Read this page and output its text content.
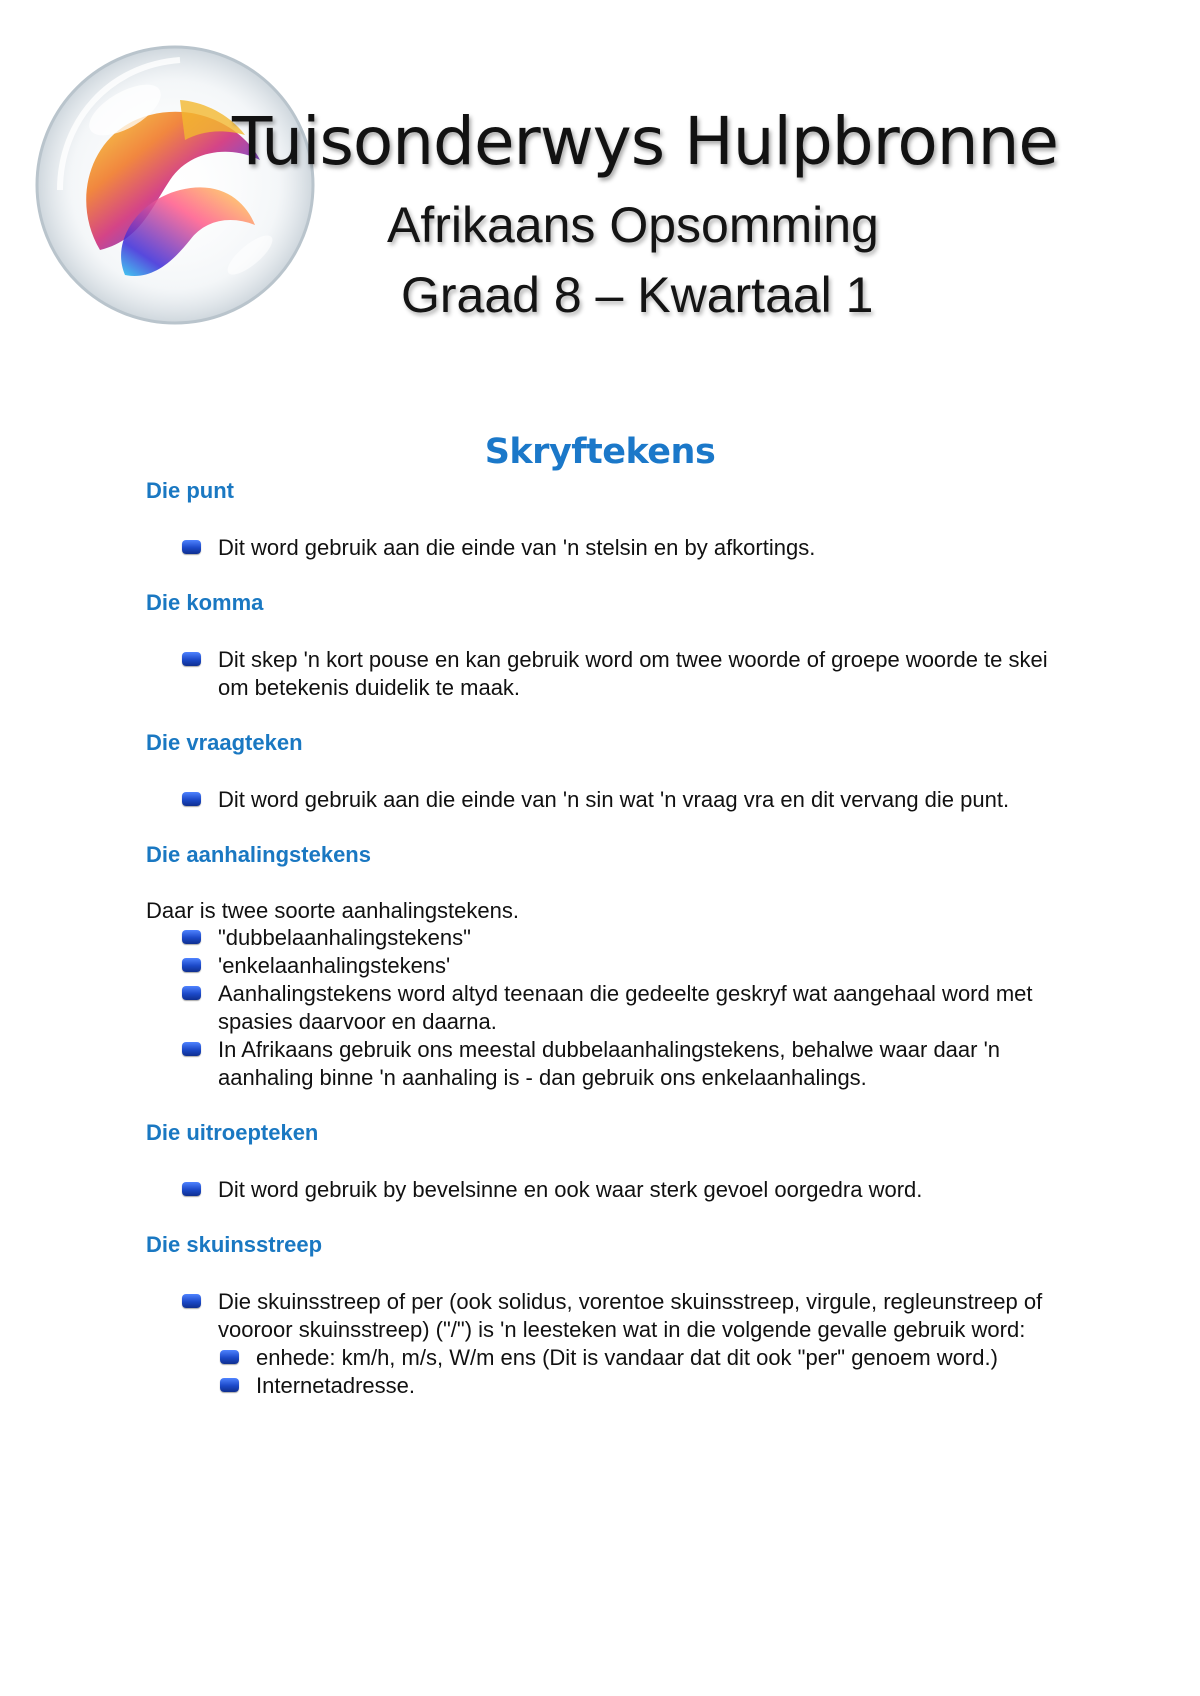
Tuisonderwys Hulpbronne
Afrikaans Opsomming
Graad 8 – Kwartaal 1
Skryftekens
Die punt
Dit word gebruik aan die einde van 'n stelsin en by afkortings.
Die komma
Dit skep 'n kort pouse en kan gebruik word om twee woorde of groepe woorde te skei om betekenis duidelik te maak.
Die vraagteken
Dit word gebruik aan die einde van 'n sin wat 'n vraag vra en dit vervang die punt.
Die aanhalingstekens

Daar is twee soorte aanhalingstekens.

"dubbelaanhalingstekens"
'enkelaanhalingstekens'
Aanhalingstekens word altyd teenaan die gedeelte geskryf wat aangehaal word met spasies daarvoor en daarna.
In Afrikaans gebruik ons meestal dubbelaanhalingstekens, behalwe waar daar 'n aanhaling binne 'n aanhaling is - dan gebruik ons enkelaanhalings.
Die uitroepteken
Dit word gebruik by bevelsinne en ook waar sterk gevoel oorgedra word.
Die skuinsstreep
Die skuinsstreep of per (ook solidus, vorentoe skuinsstreep, virgule, regleunstreep of vooroor skuinsstreep) ("/") is 'n leesteken wat in die volgende gevalle gebruik word:
enhede: km/h, m/s, W/m ens (Dit is vandaar dat dit ook "per" genoem word.)
Internetadresse.
